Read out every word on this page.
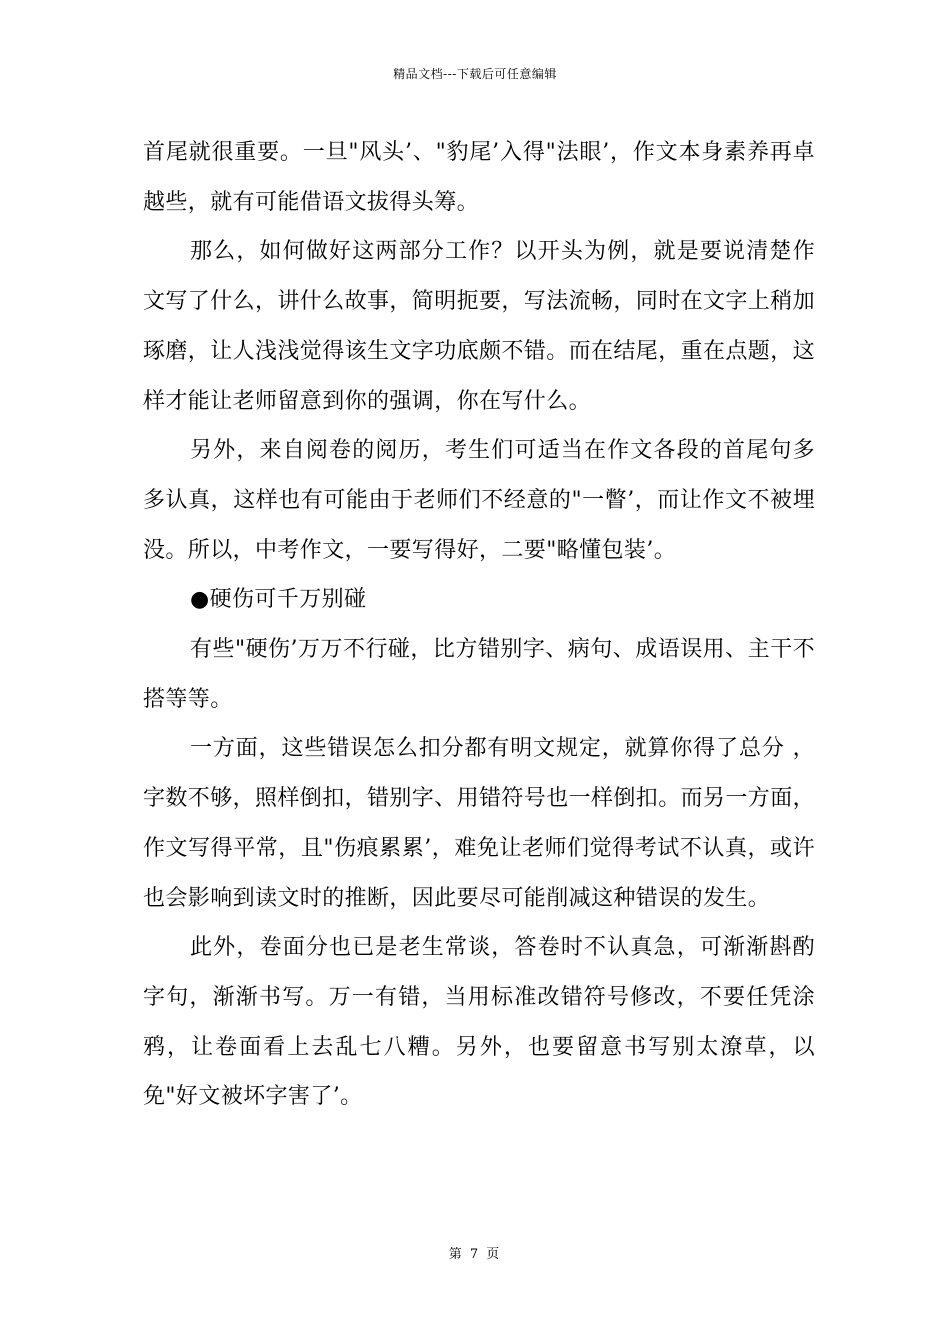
精品文档---下载后可任意编辑

首尾就很重要。一旦"风头’、"豹尾’入得"法眼’，作文本身素养再卓越些，就有可能借语文拔得头筹。

那么，如何做好这两部分工作？以开头为例，就是要说清楚作文写了什么，讲什么故事，简明扼要，写法流畅，同时在文字上稍加琢磨，让人浅浅觉得该生文字功底颇不错。而在结尾，重在点题，这样才能让老师留意到你的强调，你在写什么。

另外，来自阅卷的阅历，考生们可适当在作文各段的首尾句多多认真，这样也有可能由于老师们不经意的"一瞥’，而让作文不被埋没。所以，中考作文，一要写得好，二要"略懂包装’。

●硬伤可千万别碰

有些"硬伤’万万不行碰，比方错别字、病句、成语误用、主干不搭等等。

一方面，这些错误怎么扣分都有明文规定，就算你得了总分 ，字数不够，照样倒扣，错别字、用错符号也一样倒扣。而另一方面，作文写得平常，且"伤痕累累’，难免让老师们觉得考试不认真，或许也会影响到读文时的推断，因此要尽可能削减这种错误的发生。

此外，卷面分也已是老生常谈，答卷时不认真急，可渐渐斟酌字句，渐渐书写。万一有错，当用标准改错符号修改，不要任凭涂鸦，让卷面看上去乱七八糟。另外，也要留意书写别太潦草，以免"好文被坏字害了’。

第 7 页
